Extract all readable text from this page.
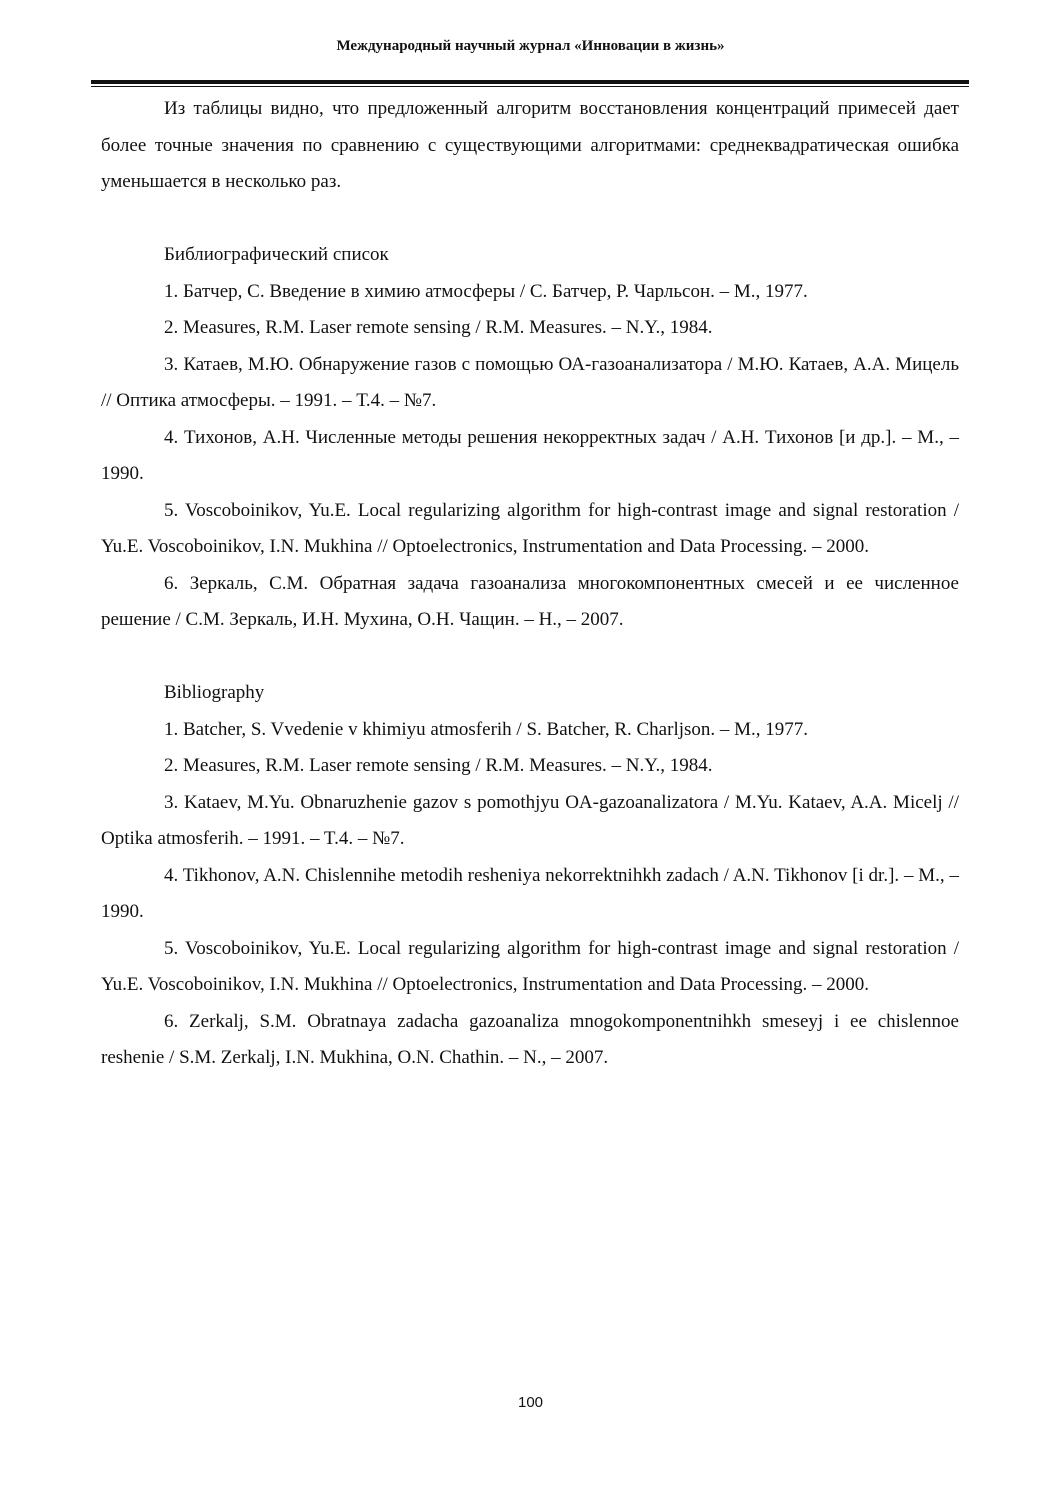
Международный научный журнал «Инновации в жизнь»

Из таблицы видно, что предложенный алгоритм восстановления концентраций примесей дает более точные значения по сравнению с существующими алгоритмами: среднеквадратическая ошибка уменьшается в несколько раз.

Библиографический список

1. Батчер, С. Введение в химию атмосферы / С. Батчер, Р. Чарльсон. – М., 1977.

2. Measures, R.M. Laser remote sensing / R.M. Measures. – N.Y., 1984.

3. Катаев, М.Ю. Обнаружение газов с помощью ОА-газоанализатора / М.Ю. Катаев, А.А. Мицель // Оптика атмосферы. – 1991. – Т.4. – №7.

4. Тихонов, А.Н. Численные методы решения некорректных задач / А.Н. Тихонов [и др.]. – М., – 1990.

5. Voscoboinikov, Yu.E. Local regularizing algorithm for high-contrast image and signal restoration / Yu.E. Voscoboinikov, I.N. Mukhina // Optoelectronics, Instrumentation and Data Processing. – 2000.

6. Зеркаль, С.М. Обратная задача газоанализа многокомпонентных смесей и ее численное решение / С.М. Зеркаль, И.Н. Мухина, О.Н. Чащин. – Н., – 2007.

Bibliography

1. Batcher, S. Vvedenie v khimiyu atmosferih / S. Batcher, R. Charljson. – M., 1977.

2. Measures, R.M. Laser remote sensing / R.M. Measures. – N.Y., 1984.

3. Kataev, M.Yu. Obnaruzhenie gazov s pomothjyu OA-gazoanalizatora / M.Yu. Kataev, A.A. Micelj // Optika atmosferih. – 1991. – T.4. – №7.

4. Tikhonov, A.N. Chislennihe metodih resheniya nekorrektnihkh zadach / A.N. Tikhonov [i dr.]. – M., – 1990.

5. Voscoboinikov, Yu.E. Local regularizing algorithm for high-contrast image and signal restoration / Yu.E. Voscoboinikov, I.N. Mukhina // Optoelectronics, Instrumentation and Data Processing. – 2000.

6. Zerkalj, S.M. Obratnaya zadacha gazoanaliza mnogokomponentnihkh smeseyj i ee chislennoe reshenie / S.M. Zerkalj, I.N. Mukhina, O.N. Chathin. – N., – 2007.

100
